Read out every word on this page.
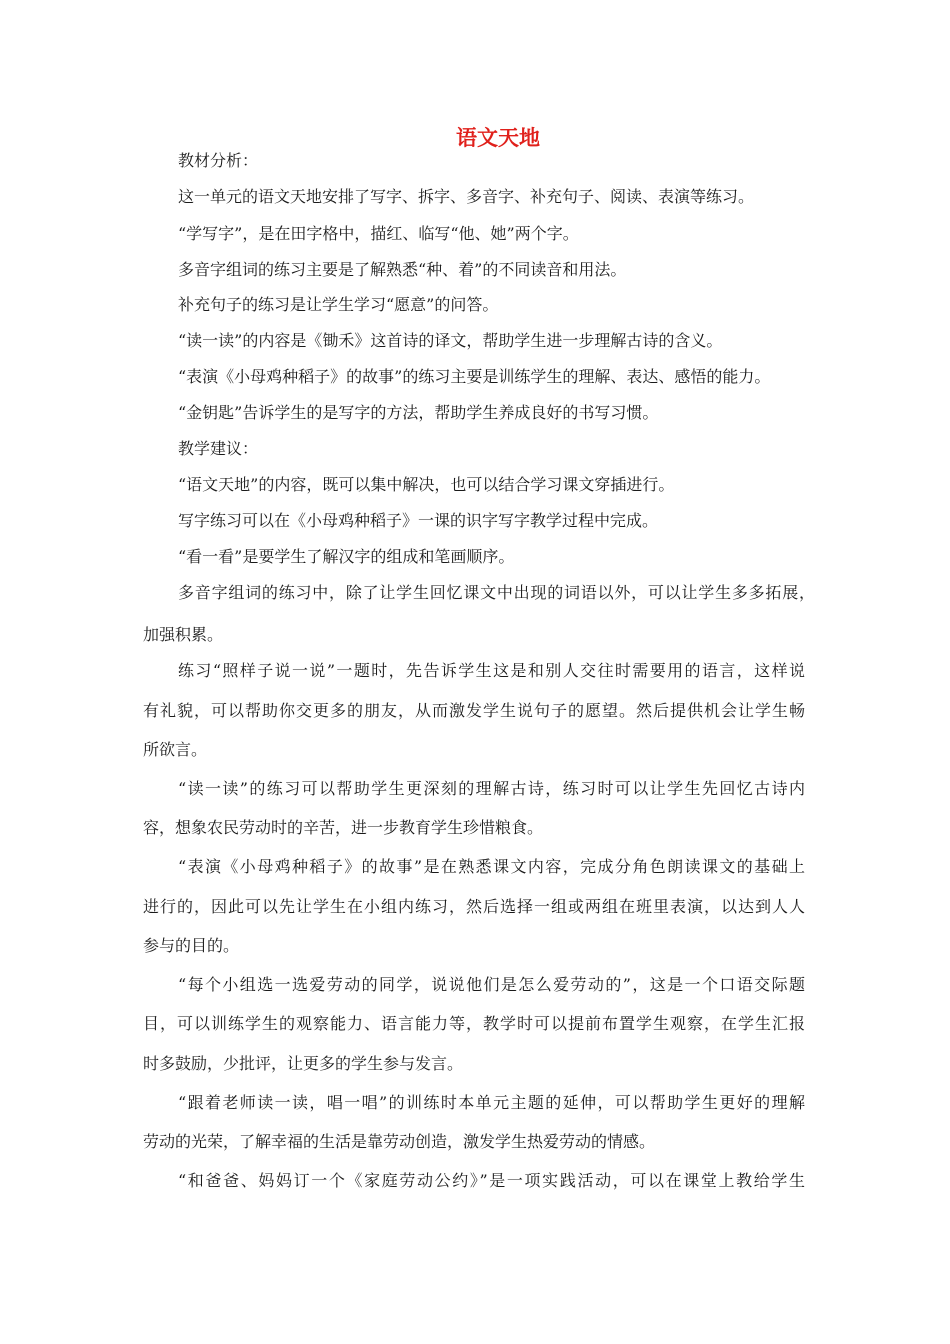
语文天地
教材分析：
这一单元的语文天地安排了写字、拆字、多音字、补充句子、阅读、表演等练习。
“学写字”，是在田字格中，描红、临写“他、她”两个字。
多音字组词的练习主要是了解熟悉“种、着”的不同读音和用法。
补充句子的练习是让学生学习“愿意”的问答。
“读一读”的内容是《锄禾》这首诗的译文，帮助学生进一步理解古诗的含义。
“表演《小母鸡种稻子》的故事”的练习主要是训练学生的理解、表达、感悟的能力。
“金钥匙”告诉学生的是写字的方法，帮助学生养成良好的书写习惯。
教学建议：
“语文天地”的内容，既可以集中解决，也可以结合学习课文穿插进行。
写字练习可以在《小母鸡种稻子》一课的识字写字教学过程中完成。
“看一看”是要学生了解汉字的组成和笔画顺序。
多音字组词的练习中，除了让学生回忆课文中出现的词语以外，可以让学生多多拓展，
加强积累。
练习“照样子说一说”一题时，先告诉学生这是和别人交往时需要用的语言，这样说
有礼貌，可以帮助你交更多的朋友，从而激发学生说句子的愿望。然后提供机会让学生畅
所欲言。
“读一读”的练习可以帮助学生更深刻的理解古诗，练习时可以让学生先回忆古诗内
容，想象农民劳动时的辛苦，进一步教育学生珍惜粮食。
“表演《小母鸡种稻子》的故事”是在熟悉课文内容，完成分角色朗读课文的基础上
进行的，因此可以先让学生在小组内练习，然后选择一组或两组在班里表演，以达到人人
参与的目的。
“每个小组选一选爱劳动的同学，说说他们是怎么爱劳动的”，这是一个口语交际题
目，可以训练学生的观察能力、语言能力等，教学时可以提前布置学生观察，在学生汇报
时多鼓励，少批评，让更多的学生参与发言。
“跟着老师读一读，唱一唱”的训练时本单元主题的延伸，可以帮助学生更好的理解
劳动的光荣，了解幸福的生活是靠劳动创造，激发学生热爱劳动的情感。
“和爸爸、妈妈订一个《家庭劳动公约》”是一项实践活动，可以在课堂上教给学生
